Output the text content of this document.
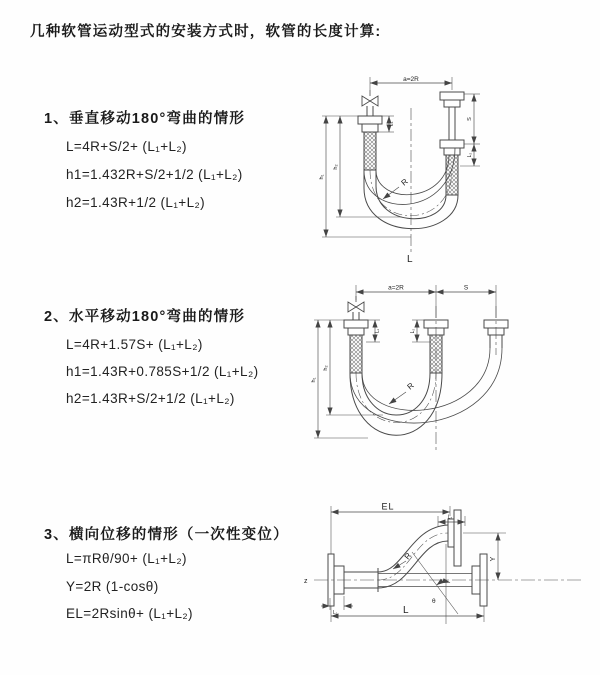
几种软管运动型式的安装方式时，软管的长度计算:
1、垂直移动180°弯曲的情形
L=4R+S/2+ (L₁+L₂)
h1=1.432R+S/2+1/2 (L₁+L₂)
h2=1.43R+1/2 (L₁+L₂)
a=2R
L₁
h₂
h₁
S
L₂
R
L
2、水平移动180°弯曲的情形
L=4R+1.57S+ (L₁+L₂)
h1=1.43R+0.785S+1/2 (L₁+L₂)
h2=1.43R+S/2+1/2 (L₁+L₂)
a=2R	S
L₁	L₂
h₂
h₁
R
3、横向位移的情形（一次性变位）
L=πRθ/90+ (L₁+L₂)
Y=2R (1-cosθ)
EL=2Rsinθ+ (L₁+L₂)
EL
L₂
Y
R
θ
L
L₁
z
